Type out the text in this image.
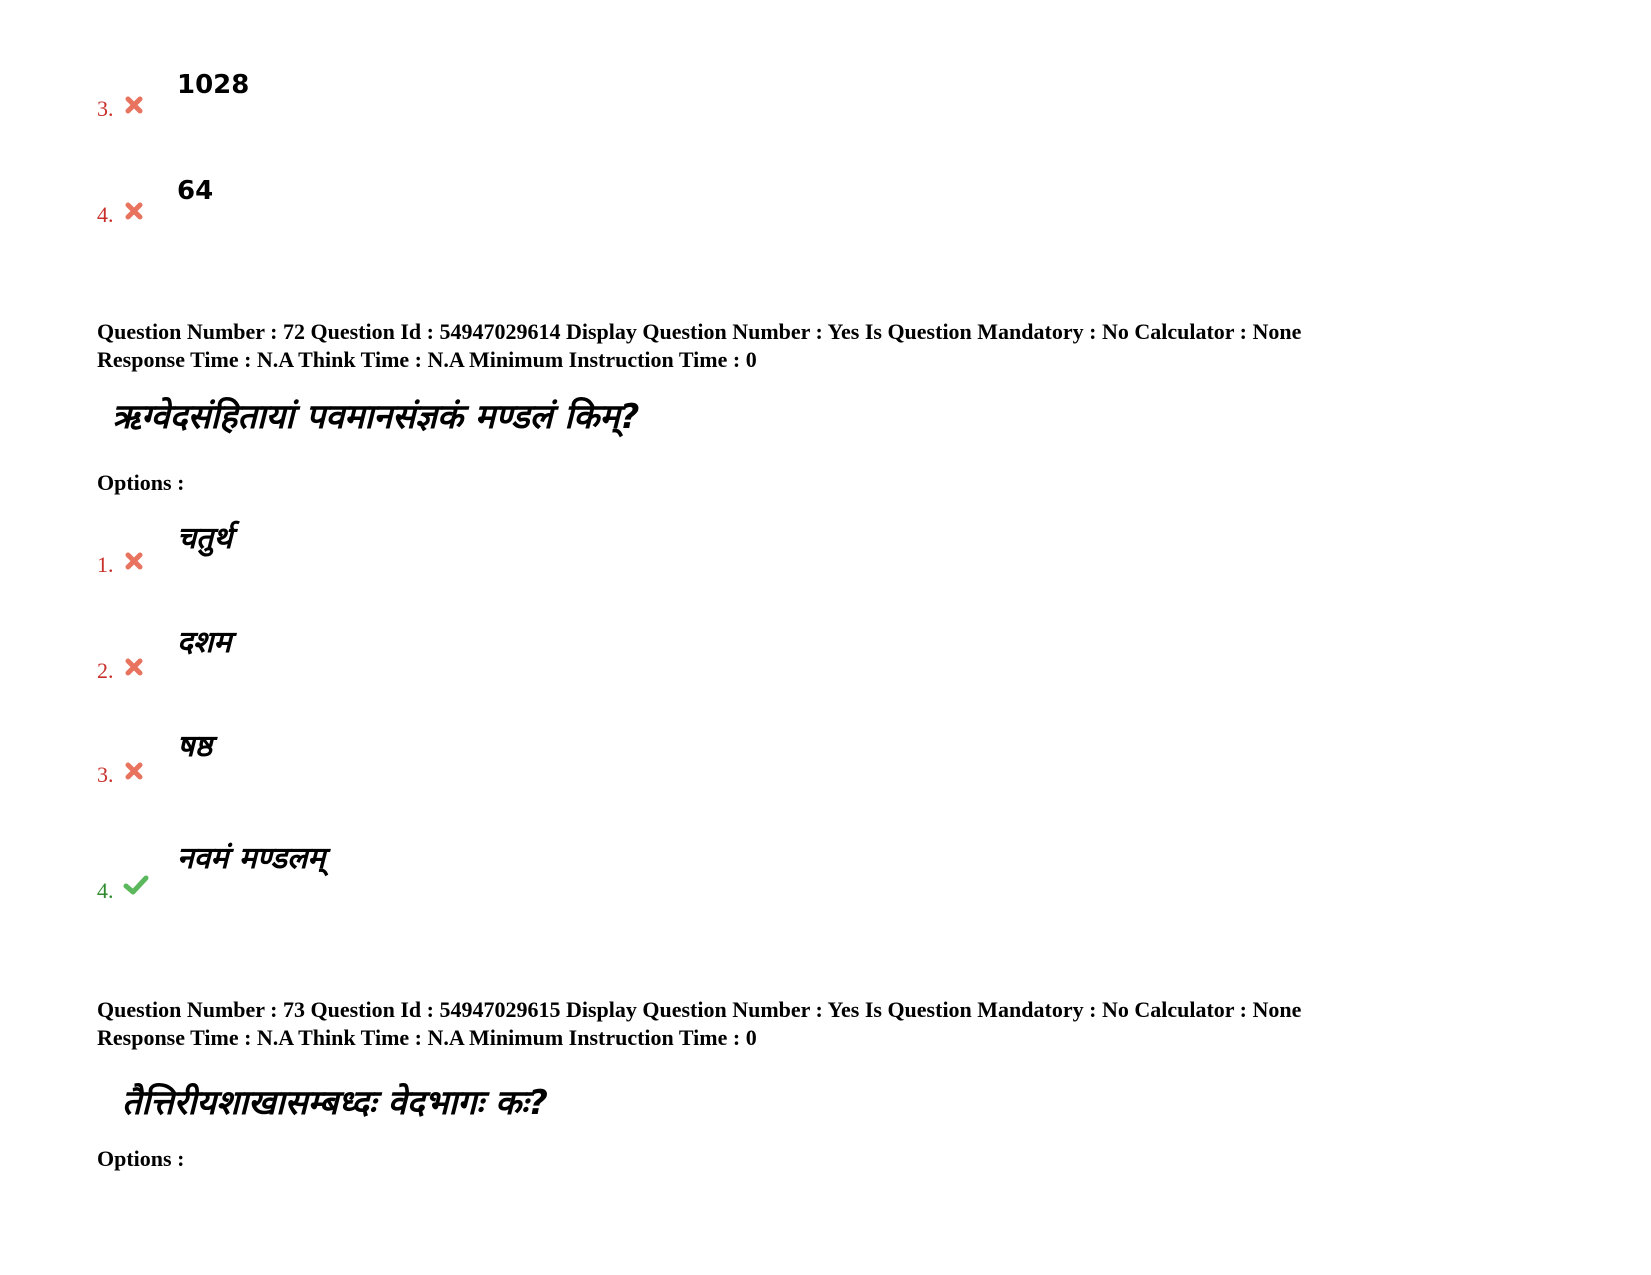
3.
1028
4.
64
Question Number : 72 Question Id : 54947029614 Display Question Number : Yes Is Question Mandatory : No Calculator : None
Response Time : N.A Think Time : N.A Minimum Instruction Time : 0
ऋग्वेदसंहितायां पवमानसंज्ञकं मण्डलं किम्?
Options :
1.
चतुर्थ
2.
दशम
3.
षष्ठ
4.
नवमं मण्डलम्
Question Number : 73 Question Id : 54947029615 Display Question Number : Yes Is Question Mandatory : No Calculator : None
Response Time : N.A Think Time : N.A Minimum Instruction Time : 0
तैत्तिरीयशाखासम्बध्दः वेदभागः कः?
Options :
